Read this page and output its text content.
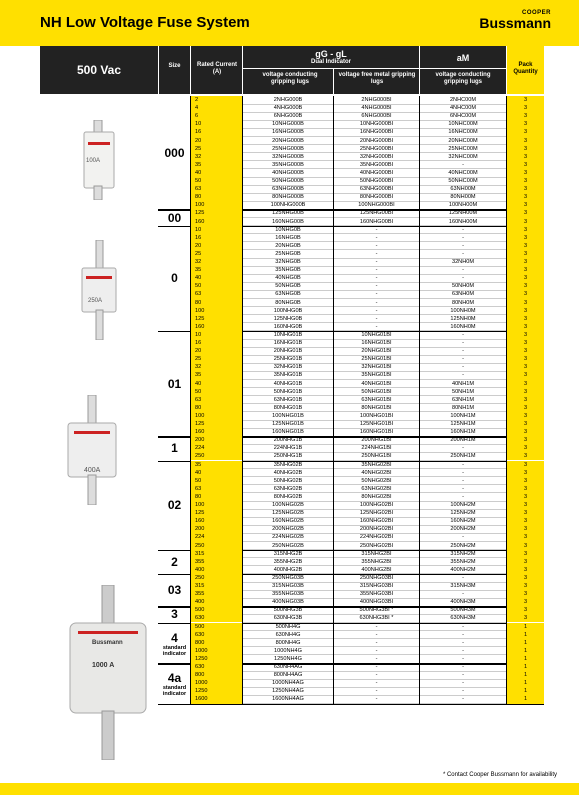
NH Low Voltage Fuse System
COOPER
Bussmann
500 Vac	Size	Rated Current (A)
gG - gL
Dual Indicator
voltage conducting gripping lugs
voltage free metal gripping lugs
aM
voltage conducting gripping lugs
Pack Quantity
000
2	2NHG000B	2NHG000BI	2NHC00M	3
4	4NHG000B	4NHG000BI	4NHC00M	3
6	6NHG000B	6NHG000BI	6NHC00M	3
10	10NHG000B	10NHG000BI	10NHC00M	3
16	16NHG000B	16NHG000BI	16NHC00M	3
20	20NHG000B	20NHG000BI	20NHC00M	3
25	25NHG000B	25NHG000BI	25NHC00M	3
32	32NHG000B	32NHG000BI	32NHC00M	3
35	35NHG000B	35NHG000BI	-	3
40	40NHG000B	40NHG000BI	40NHC00M	3
50	50NHG000B	50NHG000BI	50NHC00M	3
63	63NHG000B	63NHG000BI	63NH00M	3
80	80NHG000B	80NHG000BI	80NH00M	3
100	100NHG000B	100NHG000BI	100NH00M	3
00	125	125NHG00B	125NHG00BI	125NH00M	3
160	160NHG00B	160NHG00BI	160NH00M	3
0
10	10NHG0B	-	-	3
16	16NHG0B	-	-	3
20	20NHG0B	-	-	3
25	25NHG0B	-	-	3
32	32NHG0B	-	32NH0M	3
35	35NHG0B	-	-	3
40	40NHG0B	-	-	3
50	50NHG0B	-	50NH0M	3
63	63NHG0B	-	63NH0M	3
80	80NHG0B	-	80NH0M	3
100	100NHG0B	-	100NH0M	3
125	125NHG0B	-	125NH0M	3
160	160NHG0B	-	160NH0M	3
01
10	10NHG01B	10NHG01BI	-	3
16	16NHG01B	16NHG01BI	-	3
20	20NHG01B	20NHG01BI	-	3
25	25NHG01B	25NHG01BI	-	3
32	32NHG01B	32NHG01BI	-	3
35	35NHG01B	35NHG01BI	-	3
40	40NHG01B	40NHG01BI	40NH1M	3
50	50NHG01B	50NHG01BI	50NH1M	3
63	63NHG01B	63NHG01BI	63NH1M	3
80	80NHG01B	80NHG01BI	80NH1M	3
100	100NHG01B	100NHG01BI	100NH1M	3
125	125NHG01B	125NHG01BI	125NH1M	3
160	160NHG01B	160NHG01BI	160NH1M	3
1
200	200NHG1B	200NHG1BI	200NH1M	3
224	224NHG1B	224NHG1BI	-	3
250	250NHG1B	250NHG1BI	250NH1M	3
02
35	35NHG02B	35NHG02BI	-	3
40	40NHG02B	40NHG02BI	-	3
50	50NHG02B	50NHG02BI	-	3
63	63NHG02B	63NHG02BI	-	3
80	80NHG02B	80NHG02BI	-	3
100	100NHG02B	100NHG02BI	100NH2M	3
125	125NHG02B	125NHG02BI	125NH2M	3
160	160NHG02B	160NHG02BI	160NH2M	3
200	200NHG02B	200NHG02BI	200NH2M	3
224	224NHG02B	224NHG02BI	-	3
250	250NHG02B	250NHG02BI	250NH2M	3
2
315	315NHG2B	315NHG2BI	315NH2M	3
355	355NHG2B	355NHG2BI	355NH2M	3
400	400NHG2B	400NHG2BI	400NH2M	3
03
250	250NHG03B	250NHG03BI	-	3
315	315NHG03B	315NHG03BI	315NH3M	3
355	355NHG03B	355NHG03BI	-	3
400	400NHG03B	400NHG03BI	400NH3M	3
3	500	500NHG3B	500NHG3BI *	500NH3M	3
630	630NHG3B	630NHG3BI *	630NH3M	3
4
standard indicator
500	500NH4G	-	-	1
630	630NH4G	-	-	1
800	800NH4G	-	-	1
1000	1000NH4G	-	-	1
1250	1250NH4G	-	-	1
4a
standard indicator
630	630NH4AG	-	-	1
800	800NH4AG	-	-	1
1000	1000NH4AG	-	-	1
1250	1250NH4AG	-	-	1
1600	1600NH4AG	-	-	1
100A
250A
400A
Bussmann
1000 A
* Contact Cooper Bussmann for availability
